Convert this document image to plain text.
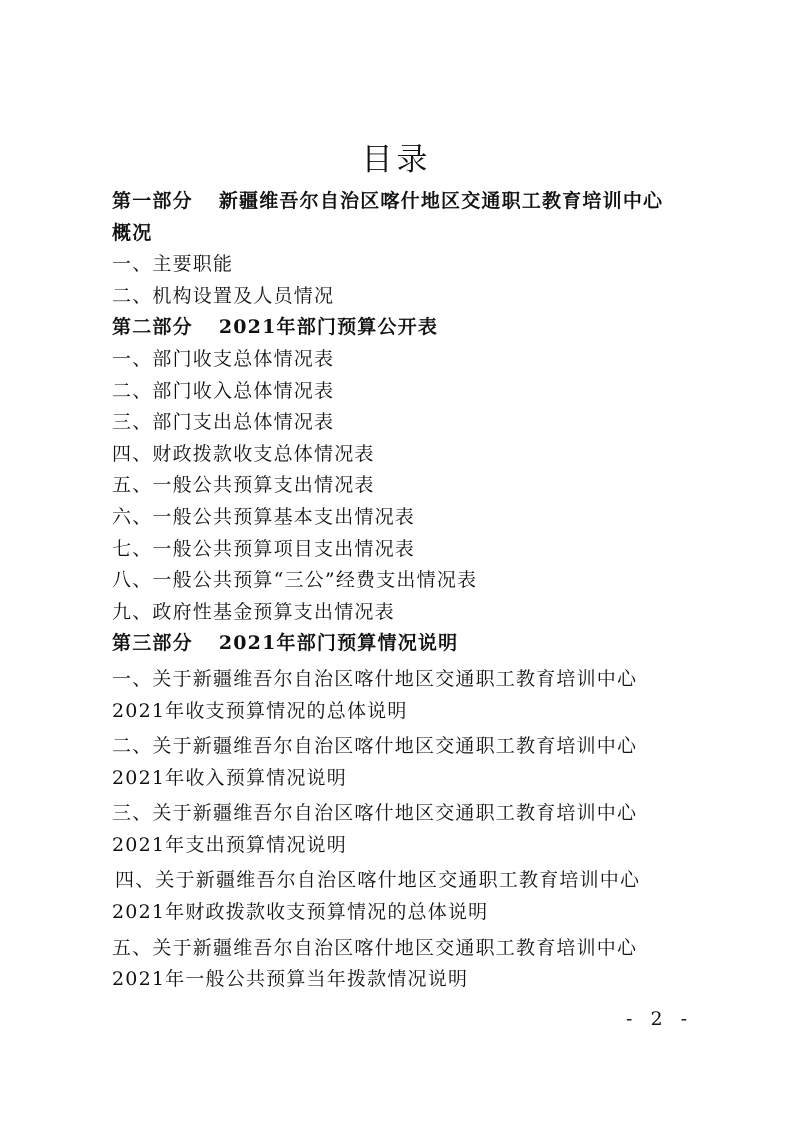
目录
第一部分 新疆维吾尔自治区喀什地区交通职工教育培训中心
概况
一、主要职能
二、机构设置及人员情况
第二部分 2021年部门预算公开表
一、部门收支总体情况表
二、部门收入总体情况表
三、部门支出总体情况表
四、财政拨款收支总体情况表
五、一般公共预算支出情况表
六、一般公共预算基本支出情况表
七、一般公共预算项目支出情况表
八、一般公共预算“三公”经费支出情况表
九、政府性基金预算支出情况表
第三部分 2021年部门预算情况说明
一、关于新疆维吾尔自治区喀什地区交通职工教育培训中心
2021年收支预算情况的总体说明
二、关于新疆维吾尔自治区喀什地区交通职工教育培训中心
2021年收入预算情况说明
三、关于新疆维吾尔自治区喀什地区交通职工教育培训中心
2021年支出预算情况说明
四、关于新疆维吾尔自治区喀什地区交通职工教育培训中心
2021年财政拨款收支预算情况的总体说明
五、关于新疆维吾尔自治区喀什地区交通职工教育培训中心
2021年一般公共预算当年拨款情况说明
- 2 -
